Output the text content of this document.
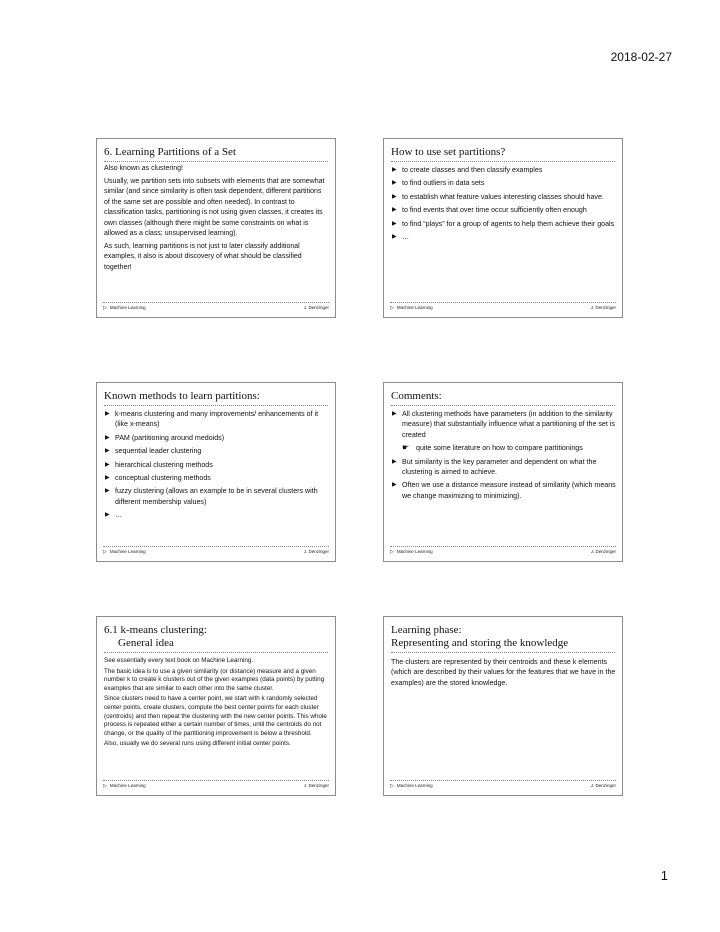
2018-02-27
6. Learning Partitions of a Set

Also known as clustering!

Usually, we partition sets into subsets with elements that are somewhat similar (and since similarity is often task dependent, different partitions of the same set are possible and often needed). In contrast to classification tasks, partitioning is not using given classes, it creates its own classes (although there might be some constraints on what is allowed as a class; unsupervised learning).

As such, learning partitions is not just to later classify additional examples, it also is about discovery of what should be classified together!

▷ Machine Learning	J. Denzinger
How to use set partitions?
▶ to create classes and then classify examples
▶ to find outliers in data sets
▶ to establish what feature values interesting classes should have.
▶ to find events that over time occur sufficiently often enough
▶ to find “plays” for a group of agents to help them achieve their goals
▶ …
▷ Machine Learning	J. Denzinger
Known methods to learn partitions:
▶ k-means clustering and many improvements/ enhancements of it (like x-means)
▶ PAM (partitioning around medoids)
▶ sequential leader clustering
▶ hierarchical clustering methods
▶ conceptual clustering methods
▶ fuzzy clustering (allows an example to be in several clusters with different membership values)
▶ …
▷ Machine Learning	J. Denzinger
Comments:
▶ All clustering methods have parameters (in addition to the similarity measure) that substantially influence what a partitioning of the set is created
☛ quite some literature on how to compare partitionings
▶ But similarity is the key parameter and dependent on what the clustering is aimed to achieve.
▶ Often we use a distance measure instead of similarity (which means we change maximizing to minimizing).
▷ Machine Learning	J. Denzinger
6.1 k-means clustering:
General idea

See essentially every text book on Machine Learning.

The basic idea is to use a given similarity (or distance) measure and a given number k to create k clusters out of the given examples (data points) by putting examples that are similar to each other into the same cluster.

Since clusters need to have a center point, we start with k randomly selected center points, create clusters, compute the best center points for each cluster (centroids) and then repeat the clustering with the new center points. This whole process is repeated either a certain number of times, until the centroids do not change, or the quality of the partitioning improvement is below a threshold.

Also, usually we do several runs using different initial center points.

▷ Machine Learning	J. Denzinger
Learning phase:
Representing and storing the knowledge

The clusters are represented by their centroids and these k elements (which are described by their values for the features that we have in the examples) are the stored knowledge.

▷ Machine Learning	J. Denzinger
1
